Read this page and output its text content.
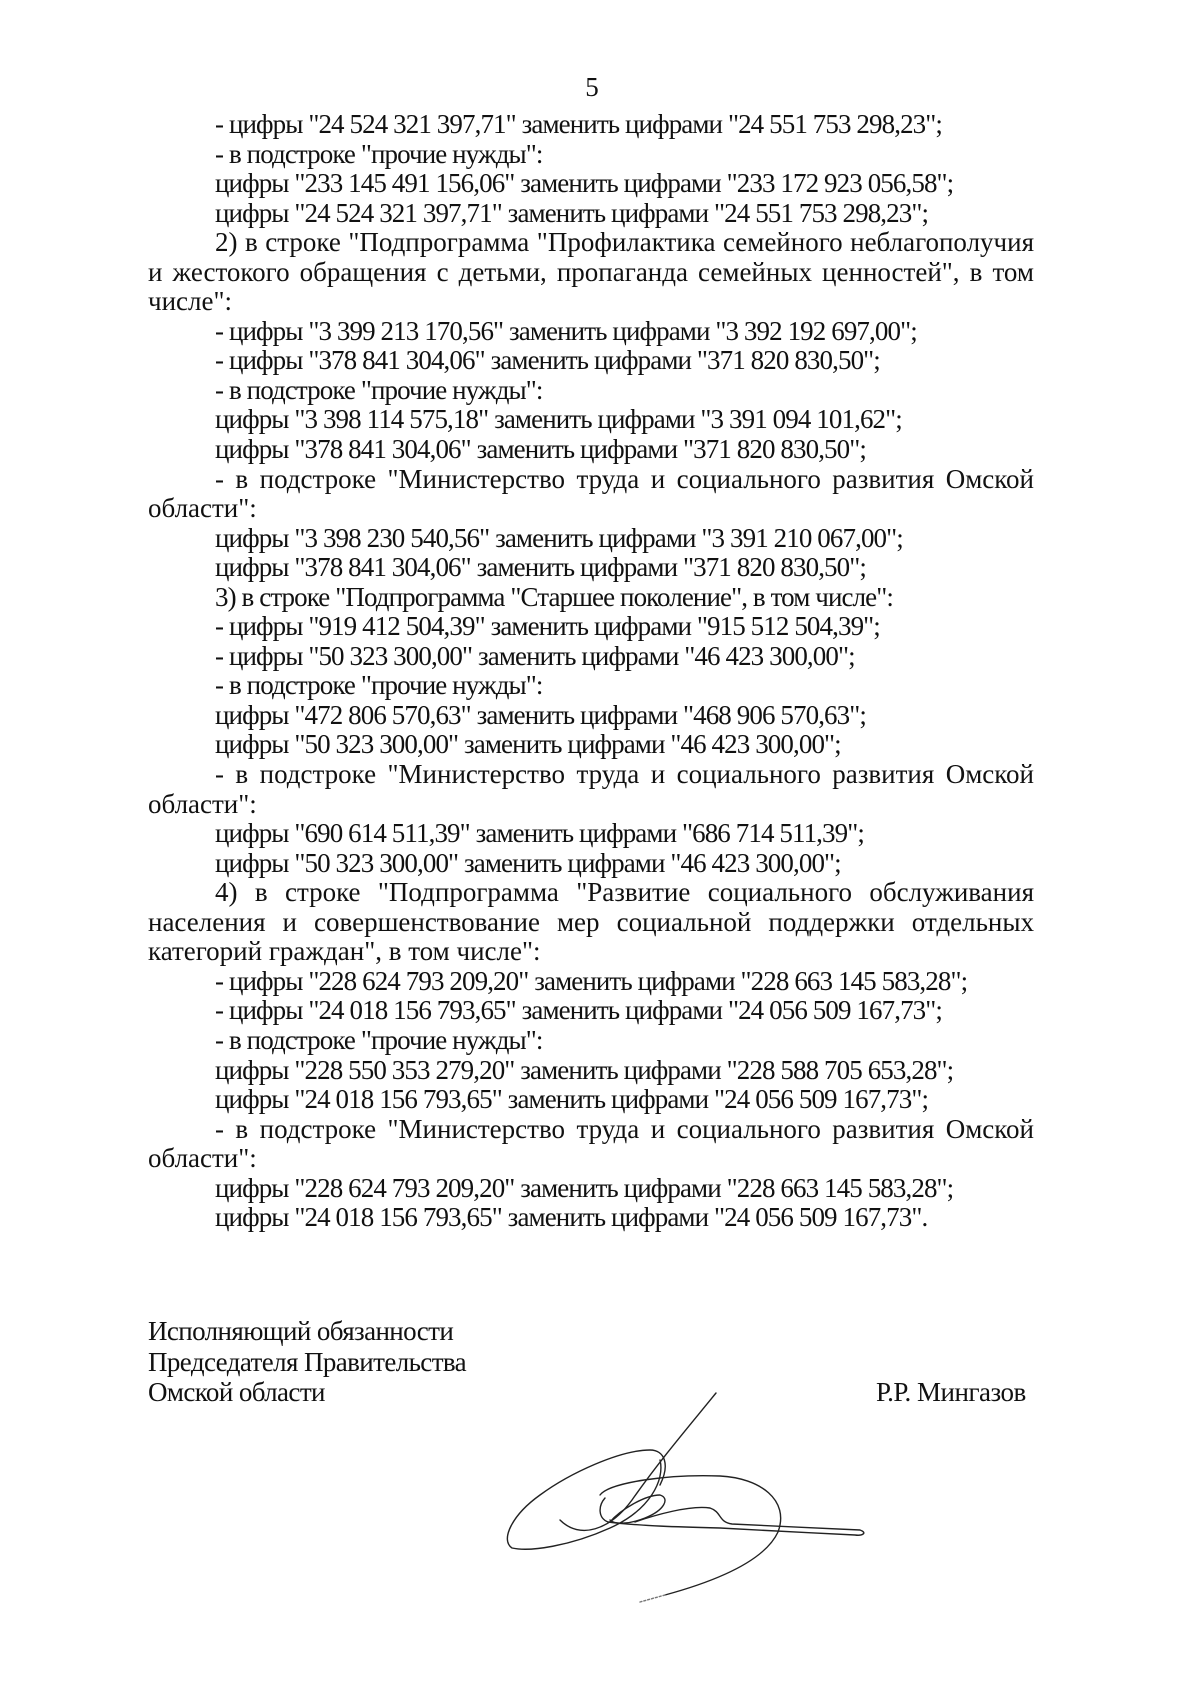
5

- цифры "24 524 321 397,71" заменить цифрами "24 551 753 298,23";

- в подстроке "прочие нужды":

цифры "233 145 491 156,06" заменить цифрами "233 172 923 056,58";

цифры "24 524 321 397,71" заменить цифрами "24 551 753 298,23";

2) в строке "Подпрограмма "Профилактика семейного неблагополучия и жестокого обращения с детьми, пропаганда семейных ценностей", в том числе":

- цифры "3 399 213 170,56" заменить цифрами "3 392 192 697,00";

- цифры "378 841 304,06" заменить цифрами "371 820 830,50";

- в подстроке "прочие нужды":

цифры "3 398 114 575,18" заменить цифрами "3 391 094 101,62";

цифры "378 841 304,06" заменить цифрами "371 820 830,50";

- в подстроке "Министерство труда и социального развития Омской области":

цифры "3 398 230 540,56" заменить цифрами "3 391 210 067,00";

цифры "378 841 304,06" заменить цифрами "371 820 830,50";

3) в строке "Подпрограмма "Старшее поколение", в том числе":

- цифры "919 412 504,39" заменить цифрами "915 512 504,39";

- цифры "50 323 300,00" заменить цифрами "46 423 300,00";

- в подстроке "прочие нужды":

цифры "472 806 570,63" заменить цифрами "468 906 570,63";

цифры "50 323 300,00" заменить цифрами "46 423 300,00";

- в подстроке "Министерство труда и социального развития Омской области":

цифры "690 614 511,39" заменить цифрами "686 714 511,39";

цифры "50 323 300,00" заменить цифрами "46 423 300,00";

4) в строке "Подпрограмма "Развитие социального обслуживания населения и совершенствование мер социальной поддержки отдельных категорий граждан", в том числе":

- цифры "228 624 793 209,20" заменить цифрами "228 663 145 583,28";

- цифры "24 018 156 793,65" заменить цифрами "24 056 509 167,73";

- в подстроке "прочие нужды":

цифры "228 550 353 279,20" заменить цифрами "228 588 705 653,28";

цифры "24 018 156 793,65" заменить цифрами "24 056 509 167,73";

- в подстроке "Министерство труда и социального развития Омской области":

цифры "228 624 793 209,20" заменить цифрами "228 663 145 583,28";

цифры "24 018 156 793,65" заменить цифрами "24 056 509 167,73".

Исполняющий обязанности
Председателя Правительства
Омской области	Р.Р. Мингазов
